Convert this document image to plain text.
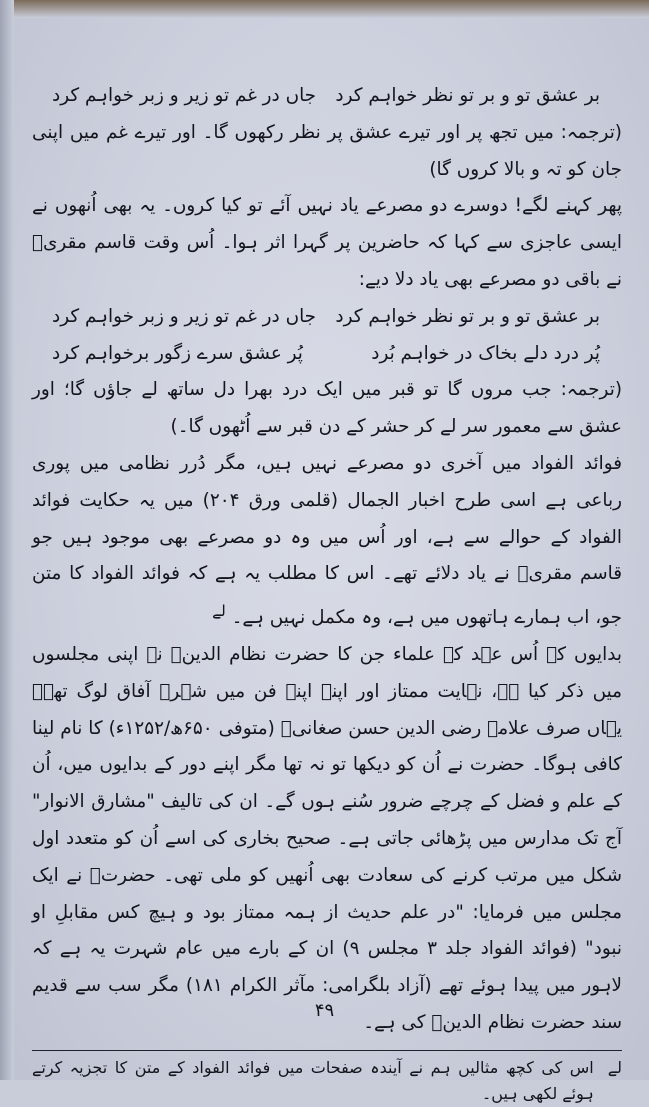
بر عشق تو و بر تو نظر خواہم کرد
جاں در غم تو زیر و زبر خواہم کرد

(ترجمہ: میں تجھ پر اور تیرے عشق پر نظر رکھوں گا۔ اور تیرے غم میں اپنی جان کو تہ و بالا کروں گا)

پھر کہنے لگے! دوسرے دو مصرعے یاد نہیں آئے تو کیا کروں۔ یہ بھی اُنھوں نے ایسی عاجزی سے کہا کہ حاضرین پر گہرا اثر ہوا۔ اُس وقت قاسم مقریؒ نے باقی دو مصرعے بھی یاد دلا دیے:

بر عشق تو و بر تو نظر خواہم کرد
جاں در غم تو زیر و زبر خواہم کرد
پُر درد دلے بخاک در خواہم بُرد
پُر عشق سرے زگور برخواہم کرد

(ترجمہ: جب مروں گا تو قبر میں ایک درد بھرا دل ساتھ لے جاؤں گا؛ اور عشق سے معمور سر لے کر حشر کے دن قبر سے اُٹھوں گا۔)

فوائد الفواد میں آخری دو مصرعے نہیں ہیں، مگر دُرر نظامی میں پوری رباعی ہے اسی طرح اخبار الجمال (قلمی ورق ۲۰۴) میں یہ حکایت فوائد الفواد کے حوالے سے ہے، اور اُس میں وہ دو مصرعے بھی موجود ہیں جو قاسم مقریؒ نے یاد دلائے تھے۔ اس کا مطلب یہ ہے کہ فوائد الفواد کا متن جو، اب ہمارے ہاتھوں میں ہے، وہ مکمل نہیں ہے۔ $^{لے}$

بدایوں کے اُس عہد کے علماء جن کا حضرت نظام الدینؒ نے اپنی مجلسوں میں ذکر کیا ہے، نہایت ممتاز اور اپنے اپنے فن میں شہرۂ آفاق لوگ تھے۔ یہاں صرف علامہ رضی الدین حسن صغانیؒ (متوفی ۶۵۰ھ/۱۲۵۲ء) کا نام لینا کافی ہوگا۔ حضرت نے اُن کو دیکھا تو نہ تھا مگر اپنے دور کے بدایوں میں، اُن کے علم و فضل کے چرچے ضرور سُنے ہوں گے۔ ان کی تالیف "مشارق الانوار" آج تک مدارس میں پڑھائی جاتی ہے۔ صحیح بخاری کی اسے اُن کو متعدد اول شکل میں مرتب کرنے کی سعادت بھی اُنھیں کو ملی تھی۔ حضرتؒ نے ایک مجلس میں فرمایا: "در علم حدیث از ہمہ ممتاز بود و ہیچ کس مقابلِ او نبود" (فوائد الفواد جلد ۳ مجلس ۹) ان کے بارے میں عام شہرت یہ ہے کہ لاہور میں پیدا ہوئے تھے (آزاد بلگرامی: مآثر الکرام ۱۸۱) مگر سب سے قدیم سند حضرت نظام الدینؒ کی ہے۔

لے
اس کی کچھ مثالیں ہم نے آیندہ صفحات میں فوائد الفواد کے متن کا تجزیہ کرتے ہوئے لکھی ہیں۔
۴۹
